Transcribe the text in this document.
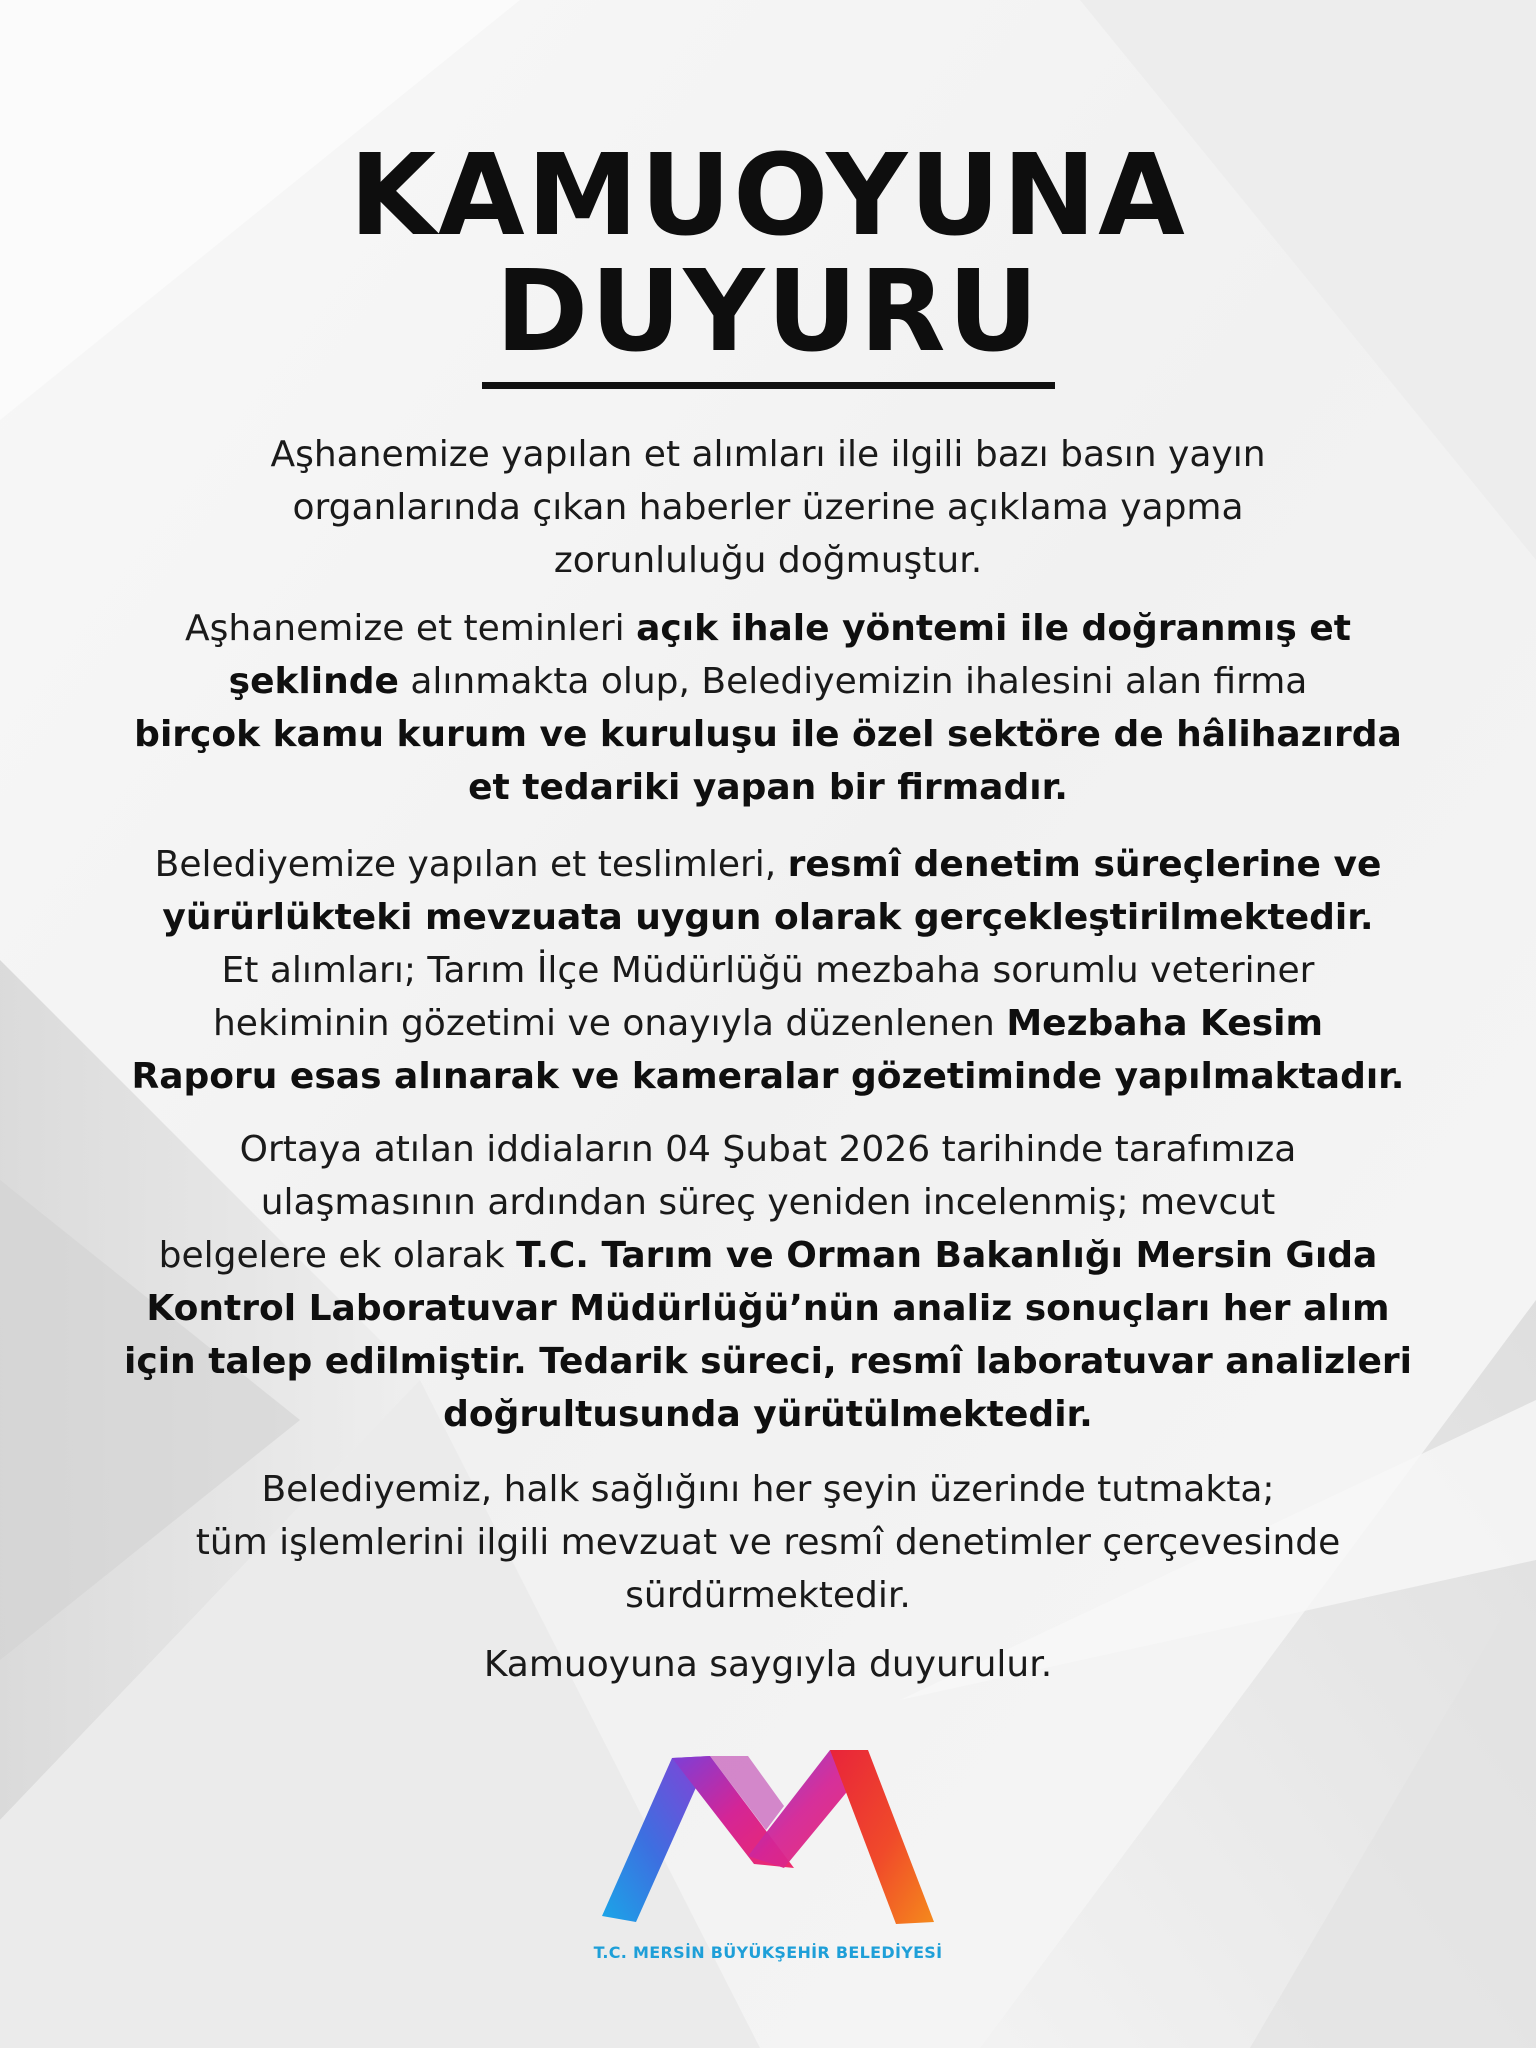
KAMUOYUNA
DUYURU

Aşhanemize yapılan et alımları ile ilgili bazı basın yayın
organlarında çıkan haberler üzerine açıklama yapma
zorunluluğu doğmuştur.

Aşhanemize et teminleri açık ihale yöntemi ile doğranmış et
şeklinde alınmakta olup, Belediyemizin ihalesini alan firma
birçok kamu kurum ve kuruluşu ile özel sektöre de hâlihazırda
et tedariki yapan bir firmadır.

Belediyemize yapılan et teslimleri, resmî denetim süreçlerine ve
yürürlükteki mevzuata uygun olarak gerçekleştirilmektedir.
Et alımları; Tarım İlçe Müdürlüğü mezbaha sorumlu veteriner
hekiminin gözetimi ve onayıyla düzenlenen Mezbaha Kesim
Raporu esas alınarak ve kameralar gözetiminde yapılmaktadır.

Ortaya atılan iddiaların 04 Şubat 2026 tarihinde tarafımıza
ulaşmasının ardından süreç yeniden incelenmiş; mevcut
belgelere ek olarak T.C. Tarım ve Orman Bakanlığı Mersin Gıda
Kontrol Laboratuvar Müdürlüğü’nün analiz sonuçları her alım
için talep edilmiştir. Tedarik süreci, resmî laboratuvar analizleri
doğrultusunda yürütülmektedir.

Belediyemiz, halk sağlığını her şeyin üzerinde tutmakta;
tüm işlemlerini ilgili mevzuat ve resmî denetimler çerçevesinde
sürdürmektedir.

Kamuoyuna saygıyla duyurulur.

T.C. MERSİN BÜYÜKŞEHİR BELEDİYESİ
